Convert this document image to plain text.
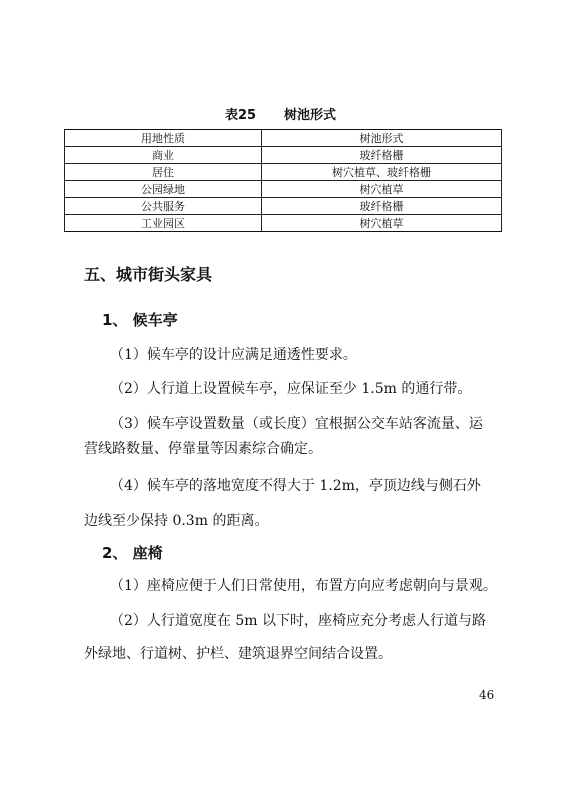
表25 树池形式
用地性质	树池形式
商业	玻纤格栅
居住	树穴植草、玻纤格栅
公园绿地	树穴植草
公共服务	玻纤格栅
工业园区	树穴植草
五、城市街头家具
1、 候车亭
（1）候车亭的设计应满足通透性要求。
（2）人行道上设置候车亭，应保证至少 1.5m 的通行带。
（3）候车亭设置数量（或长度）宜根据公交车站客流量、运
营线路数量、停靠量等因素综合确定。
（4）候车亭的落地宽度不得大于 1.2m，亭顶边线与侧石外
边线至少保持 0.3m 的距离。
2、 座椅
（1）座椅应便于人们日常使用，布置方向应考虑朝向与景观。
（2）人行道宽度在 5m 以下时，座椅应充分考虑人行道与路
外绿地、行道树、护栏、建筑退界空间结合设置。
46
